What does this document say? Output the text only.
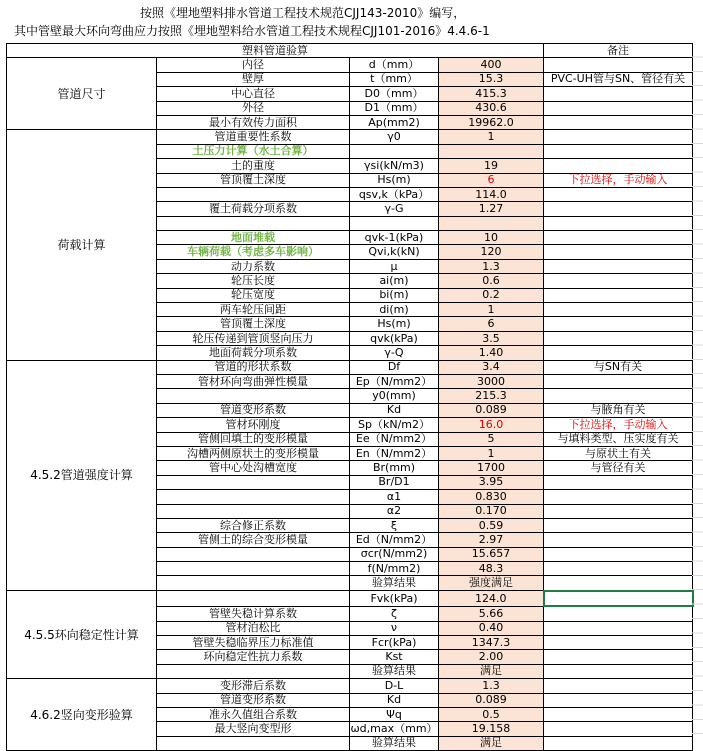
按照《埋地塑料排水管道工程技术规范CJJ143-2010》编写，
其中管壁最大环向弯曲应力按照《埋地塑料给水管道工程技术规程CJJ101-2016》4.4.6-1
塑料管道验算				备注
管道尺寸	内径	d（mm）	400	
	壁厚	t（mm）	15.3	PVC-UH管与SN、管径有关
	中心直径	D0（mm）	415.3	
	外径	D1（mm）	430.6	
	最小有效传力面积	Ap(mm2)	19962.0	
荷载计算	管道重要性系数	γ0	1	
	土压力计算（水土合算）			
	土的重度	γsi(kN/m3)	19	
	管顶覆土深度	Hs(m)	6	下拉选择，手动输入
		qsv,k（kPa）	114.0	
	覆土荷载分项系数	γ-G	1.27	

	地面堆载	qvk-1(kPa)	10	
	车辆荷载（考虑多车影响）	Qvi,k(kN)	120	
	动力系数	μ	1.3	
	轮压长度	ai(m)	0.6	
	轮压宽度	bi(m)	0.2	
	两车轮压间距	di(m)	1	
	管顶覆土深度	Hs(m)	6	
	轮压传递到管顶竖向压力	qvk(kPa)	3.5	
	地面荷载分项系数	γ-Q	1.40	
4.5.2管道强度计算	管道的形状系数	Df	3.4	与SN有关
	管材环向弯曲弹性模量	Ep（N/mm2）	3000	
		y0(mm)	215.3	
	管道变形系数	Kd	0.089	与腋角有关
	管材环刚度	Sp（kN/m2）	16.0	下拉选择，手动输入
	管侧回填土的变形模量	Ee（N/mm2）	5	与填料类型、压实度有关
	沟槽两侧原状土的变形模量	En（N/mm2）	1	与原状土有关
	管中心处沟槽宽度	Br(mm)	1700	与管径有关
		Br/D1	3.95	
		α1	0.830	
		α2	0.170	
	综合修正系数	ξ	0.59	
	管侧土的综合变形模量	Ed（N/mm2）	2.97	
		σcr(N/mm2)	15.657	
		f(N/mm2)	48.3	
		验算结果	强度满足	
4.5.5环向稳定性计算		Fvk(kPa)	124.0	
	管壁失稳计算系数	ζ	5.66	
	管材泊松比	ν	0.40	
	管壁失稳临界压力标准值	Fcr(kPa)	1347.3	
	环向稳定性抗力系数	Kst	2.00	
		验算结果	满足	
4.6.2竖向变形验算	变形滞后系数	D-L	1.3	
	管道变形系数	Kd	0.089	
	准永久值组合系数	Ψq	0.5	
	最大竖向变型形	ωd,max（mm）	19.158	
		验算结果	满足	
